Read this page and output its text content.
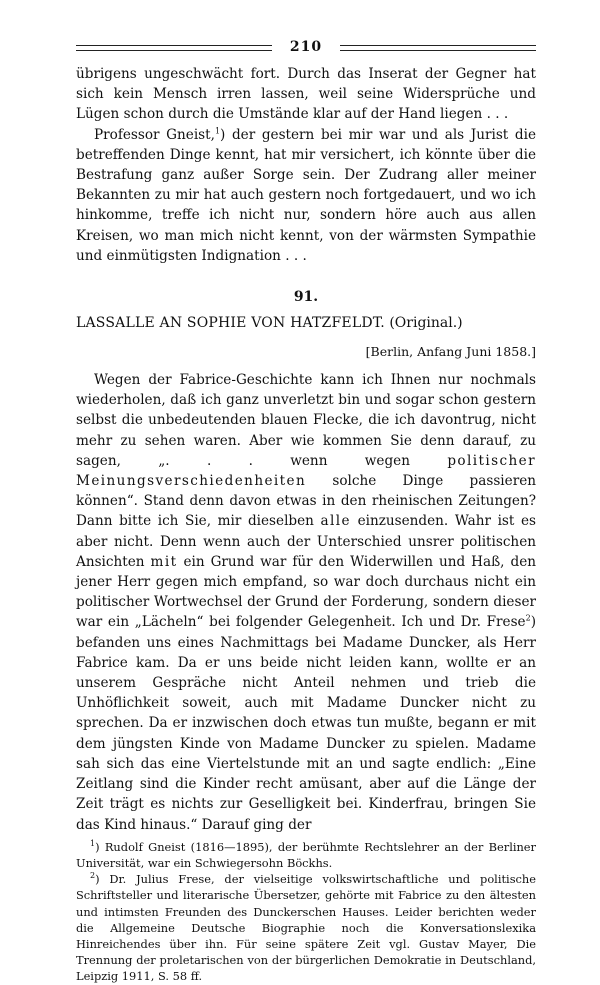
210

übrigens ungeschwächt fort. Durch das Inserat der Gegner hat sich kein Mensch irren lassen, weil seine Widersprüche und Lügen schon durch die Umstände klar auf der Hand liegen . . .

Professor Gneist,$^1$) der gestern bei mir war und als Jurist die betreffenden Dinge kennt, hat mir versichert, ich könnte über die Bestrafung ganz außer Sorge sein. Der Zudrang aller meiner Bekannten zu mir hat auch gestern noch fortgedauert, und wo ich hinkomme, treffe ich nicht nur, sondern höre auch aus allen Kreisen, wo man mich nicht kennt, von der wärmsten Sympathie und einmütigsten Indignation . . .

91.
LASSALLE AN SOPHIE VON HATZFELDT. (Original.)
[Berlin, Anfang Juni 1858.]

Wegen der Fabrice-Geschichte kann ich Ihnen nur nochmals wiederholen, daß ich ganz unverletzt bin und sogar schon gestern selbst die unbedeutenden blauen Flecke, die ich davontrug, nicht mehr zu sehen waren. Aber wie kommen Sie denn darauf, zu sagen, „. . . wenn wegen	politischer Meinungsverschiedenheiten solche Dinge passieren können“. Stand denn davon etwas in den rheinischen Zeitungen? Dann bitte ich Sie, mir dieselben alle einzusenden. Wahr ist es aber nicht. Denn wenn auch der Unterschied unsrer politischen Ansichten mit ein Grund war für den Widerwillen und Haß, den jener Herr gegen mich empfand, so war doch durchaus nicht ein politischer Wortwechsel der Grund der Forderung, sondern dieser war ein „Lächeln“ bei folgender Gelegenheit. Ich und Dr. Frese$^2$) befanden uns eines Nachmittags bei Madame Duncker, als Herr Fabrice kam. Da er uns beide nicht leiden kann, wollte er an unserem Gespräche nicht Anteil nehmen und trieb die Unhöflichkeit soweit, auch mit Madame Duncker nicht zu sprechen. Da er inzwischen doch etwas tun mußte, begann er mit dem jüngsten Kinde von Madame Duncker zu spielen. Madame sah sich das eine Viertelstunde mit an und sagte endlich: „Eine Zeitlang sind die Kinder recht amüsant, aber auf die Länge der Zeit trägt es nichts zur Geselligkeit bei. Kinderfrau, bringen Sie das Kind hinaus.“ Darauf ging der

$^1$) Rudolf Gneist (1816—1895), der berühmte Rechtslehrer an der Berliner Universität, war ein Schwiegersohn Böckhs.

$^2$) Dr. Julius Frese, der vielseitige volkswirtschaftliche und politische Schriftsteller und literarische Übersetzer, gehörte mit Fabrice zu den ältesten und intimsten Freunden des Dunckerschen Hauses. Leider berichten weder die Allgemeine Deutsche Biographie noch die Konversationslexika Hinreichendes über ihn. Für seine spätere Zeit vgl. Gustav Mayer, Die Trennung der proletarischen von der bürgerlichen Demokratie in Deutschland, Leipzig 1911, S. 58 ff.
